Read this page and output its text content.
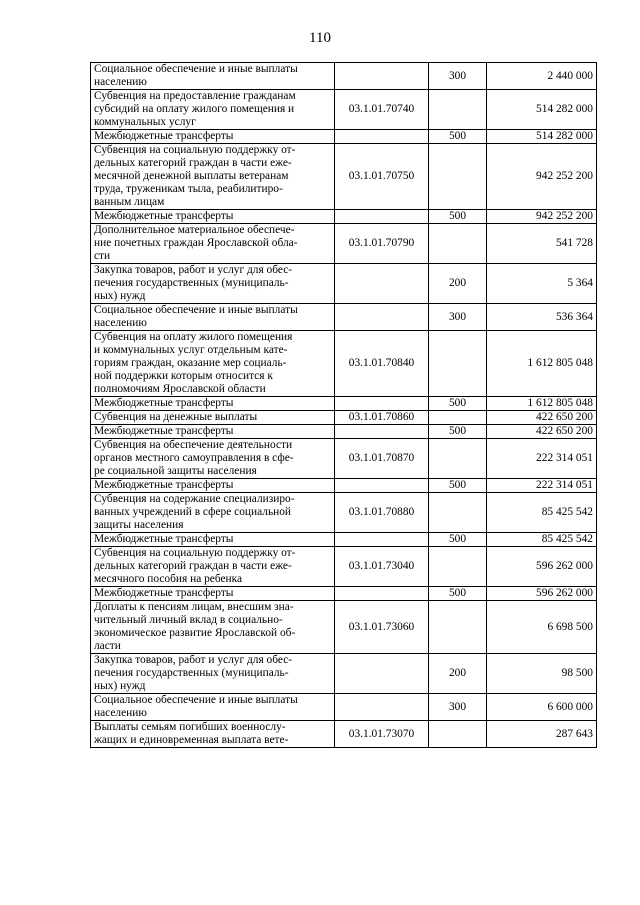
110
Социальное обеспечение и иные выплаты
населению		300	2 440 000

Субвенция на предоставление гражданам
субсидий на оплату жилого помещения и
коммунальных услуг	03.1.01.70740		514 282 000

Межбюджетные трансферты		500	514 282 000

Субвенция на социальную поддержку от-
дельных категорий граждан в части еже-
месячной денежной выплаты ветеранам
труда, труженикам тыла, реабилитиро-
ванным лицам	03.1.01.70750		942 252 200

Межбюджетные трансферты		500	942 252 200

Дополнительное материальное обеспече-
ние почетных граждан Ярославской обла-
сти	03.1.01.70790		541 728

Закупка товаров, работ и услуг для обес-
печения государственных (муниципаль-
ных) нужд		200	5 364

Социальное обеспечение и иные выплаты
населению		300	536 364

Субвенция на оплату жилого помещения
и коммунальных услуг отдельным кате-
гориям граждан, оказание мер социаль-
ной поддержки которым относится к
полномочиям Ярославской области	03.1.01.70840		1 612 805 048

Межбюджетные трансферты		500	1 612 805 048

Субвенция на денежные выплаты	03.1.01.70860		422 650 200

Межбюджетные трансферты		500	422 650 200

Субвенция на обеспечение деятельности
органов местного самоуправления в сфе-
ре социальной защиты населения	03.1.01.70870		222 314 051

Межбюджетные трансферты		500	222 314 051

Субвенция на содержание специализиро-
ванных учреждений в сфере социальной
защиты населения	03.1.01.70880		85 425 542

Межбюджетные трансферты		500	85 425 542

Субвенция на социальную поддержку от-
дельных категорий граждан в части еже-
месячного пособия на ребенка	03.1.01.73040		596 262 000

Межбюджетные трансферты		500	596 262 000

Доплаты к пенсиям лицам, внесшим зна-
чительный личный вклад в социально-
экономическое развитие Ярославской об-
ласти	03.1.01.73060		6 698 500

Закупка товаров, работ и услуг для обес-
печения государственных (муниципаль-
ных) нужд		200	98 500

Социальное обеспечение и иные выплаты
населению		300	6 600 000

Выплаты семьям погибших военнослу-
жащих и единовременная выплата вете-	03.1.01.73070		287 643
